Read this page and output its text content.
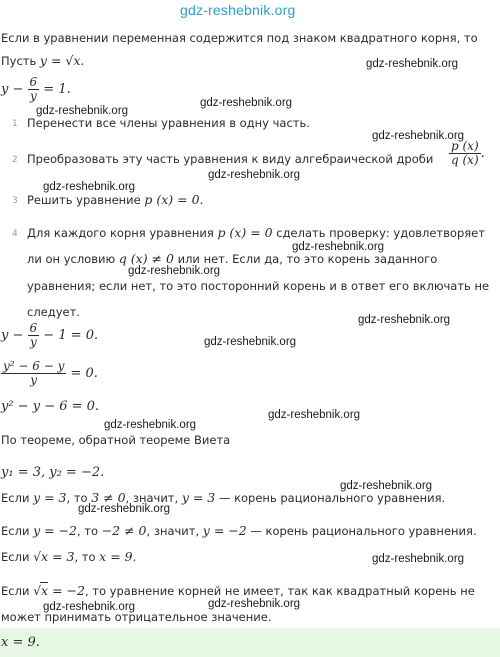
gdz-reshebnik.org
Если в уравнении переменная содержится под знаком квадратного корня, то
Пусть y = √x.	gdz-reshebnik.org
$y - \frac{6}{y} = 1$.
gdz-reshebnik.org
gdz-reshebnik.org
1 Перенести все члены уравнения в одну часть.
gdz-reshebnik.org
2 Преобразовать эту часть уравнения к виду алгебраической дроби $\frac{p (x)}{q (x)}$ .
gdz-reshebnik.org
gdz-reshebnik.org
3 Решить уравнение p (x) = 0.
4 Для каждого корня уравнения p (x) = 0 сделать проверку: удовлетворяет
gdz-reshebnik.org
ли он условию q (x) ≠ 0 или нет. Если да, то это корень заданного
gdz-reshebnik.org
уравнения; если нет, то это посторонний корень и в ответ его включать не
следует.
gdz-reshebnik.org
$y - \frac{6}{y} - 1 = 0$.	gdz-reshebnik.org
$\frac{\text{y² − 6 − y}}{y} = 0$.
y² − y − 6 = 0.
gdz-reshebnik.org
gdz-reshebnik.org
По теореме, обратной теореме Виета
y₁ = 3, y₂ = −2.
gdz-reshebnik.org
Если y = 3, то 3 ≠ 0, значит, y = 3 — корень рационального уравнения.
gdz-reshebnik.org
Если y = −2, то −2 ≠ 0, значит, y = −2 — корень рационального уравнения.
Если √x = 3, то x = 9.	gdz-reshebnik.org
Если √x = −2, то уравнение корней не имеет, так как квадратный корень не
gdz-reshebnik.org
gdz-reshebnik.org
может принимать отрицательное значение.
x = 9.
